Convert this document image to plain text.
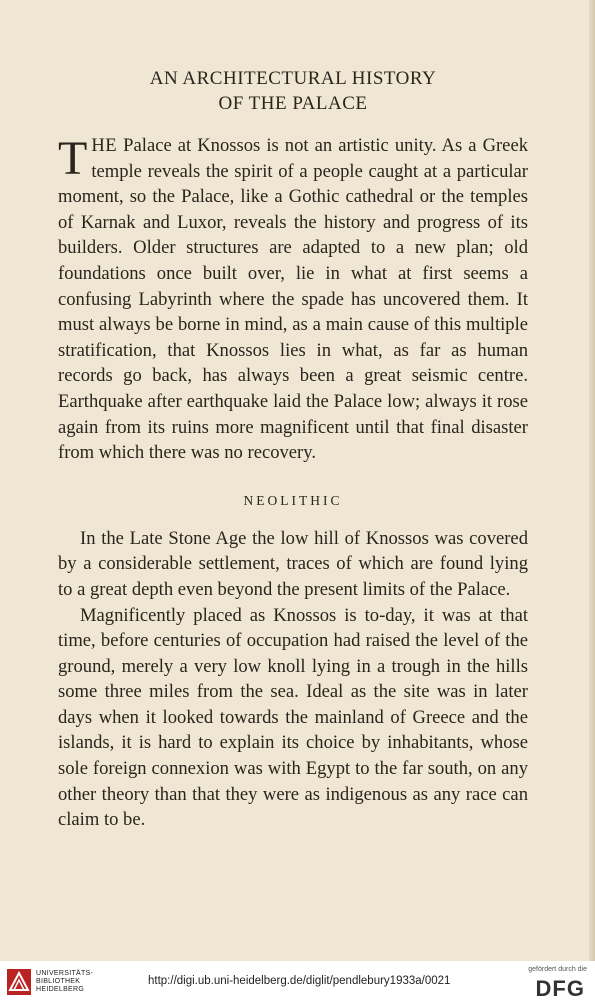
AN ARCHITECTURAL HISTORY
OF THE PALACE

THE Palace at Knossos is not an artistic unity. As a Greek temple reveals the spirit of a people caught at a particular moment, so the Palace, like a Gothic cathedral or the temples of Karnak and Luxor, reveals the history and progress of its builders. Older structures are adapted to a new plan; old foundations once built over, lie in what at first seems a confusing Labyrinth where the spade has uncovered them. It must always be borne in mind, as a main cause of this multiple stratification, that Knossos lies in what, as far as human records go back, has always been a great seismic centre. Earthquake after earthquake laid the Palace low; always it rose again from its ruins more magnificent until that final disaster from which there was no recovery.

NEOLITHIC

In the Late Stone Age the low hill of Knossos was covered by a considerable settlement, traces of which are found lying to a great depth even beyond the present limits of the Palace.

Magnificently placed as Knossos is to-day, it was at that time, before centuries of occupation had raised the level of the ground, merely a very low knoll lying in a trough in the hills some three miles from the sea. Ideal as the site was in later days when it looked towards the mainland of Greece and the islands, it is hard to explain its choice by inhabitants, whose sole foreign connexion was with Egypt to the far south, on any other theory than that they were as indigenous as any race can claim to be.

UNIVERSITÄTS-
BIBLIOTHEK
HEIDELBERG
http://digi.ub.uni-heidelberg.de/diglit/pendlebury1933a/0021
gefördert durch die
DFG
